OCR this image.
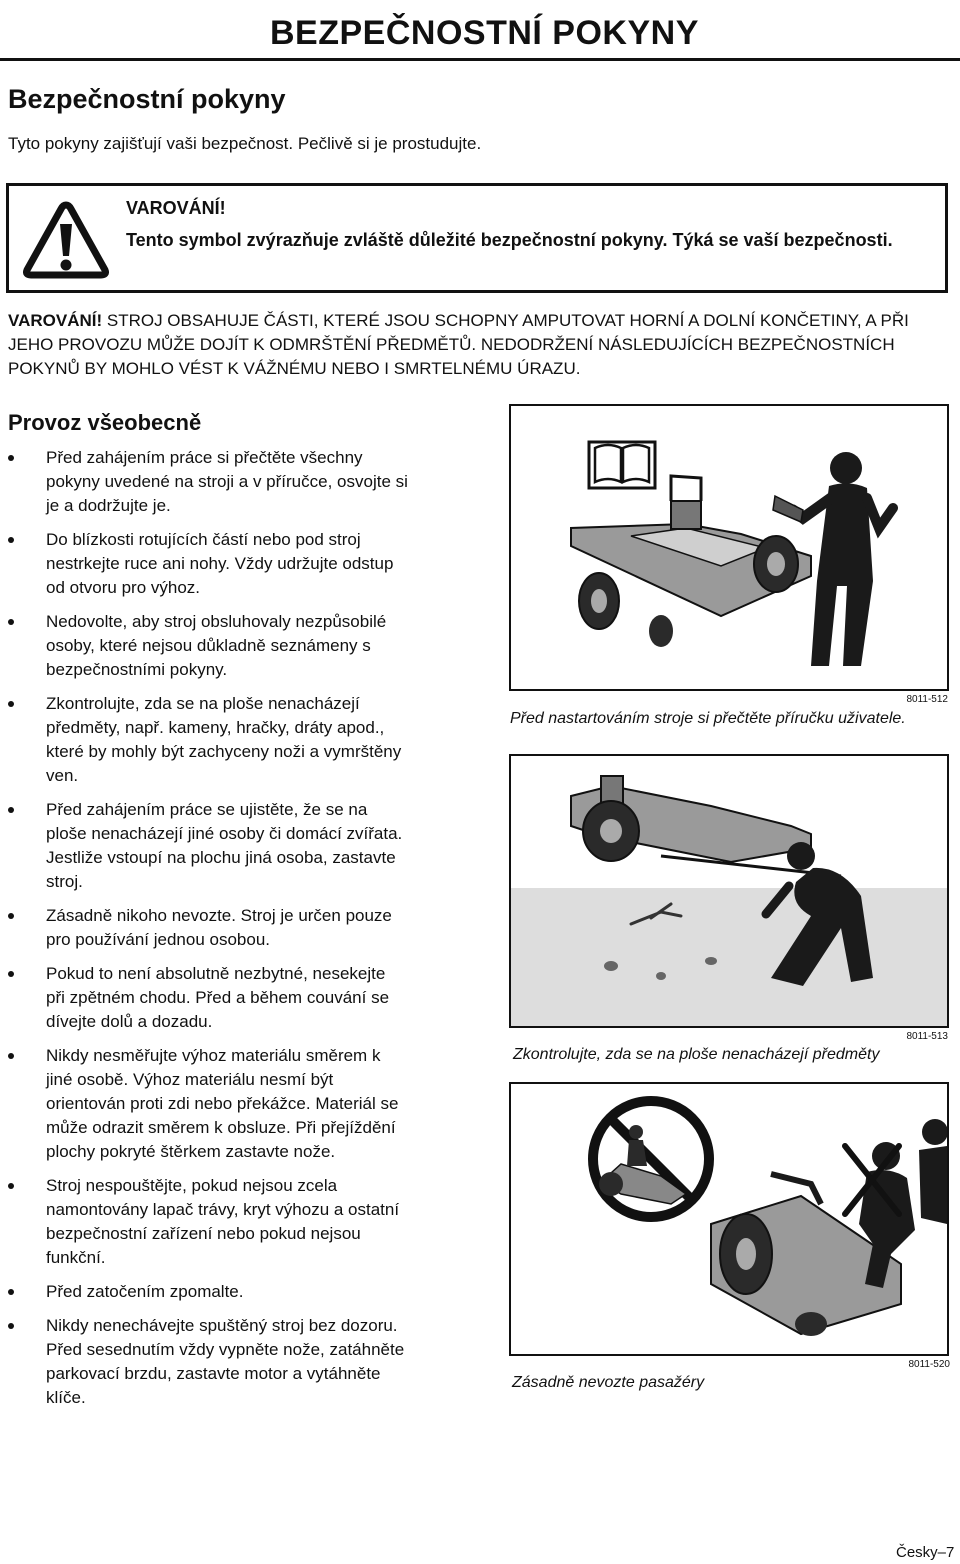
BEZPEČNOSTNÍ POKYNY
Bezpečnostní pokyny
Tyto pokyny zajišťují vaši bezpečnost. Pečlivě si je prostudujte.
VAROVÁNÍ!
Tento symbol zvýrazňuje zvláště důležité bezpečnostní pokyny. Týká se vaší bezpečnosti.
VAROVÁNÍ! STROJ OBSAHUJE ČÁSTI, KTERÉ JSOU SCHOPNY AMPUTOVAT HORNÍ A DOLNÍ KONČETINY, A PŘI JEHO PROVOZU MŮŽE DOJÍT K ODMRŠTĚNÍ PŘEDMĚTŮ. NEDODRŽENÍ NÁSLEDUJÍCÍCH BEZPEČNOSTNÍCH POKYNŮ BY MOHLO VÉST K VÁŽNÉMU NEBO I SMRTELNÉMU ÚRAZU.
Provoz všeobecně
Před zahájením práce si přečtěte všechny pokyny uvedené na stroji a v příručce, osvojte si je a dodržujte je.
Do blízkosti rotujících částí nebo pod stroj nestrkejte ruce ani nohy. Vždy udržujte odstup od otvoru pro výhoz.
Nedovolte, aby stroj obsluhovaly nezpůsobilé osoby, které nejsou důkladně seznámeny s bezpečnostními pokyny.
Zkontrolujte, zda se na ploše nenacházejí předměty, např. kameny, hračky, dráty apod., které by mohly být zachyceny noži a vymrštěny ven.
Před zahájením práce se ujistěte, že se na ploše nenacházejí jiné osoby či domácí zvířata. Jestliže vstoupí na plochu jiná osoba, zastavte stroj.
Zásadně nikoho nevozte. Stroj je určen pouze pro používání jednou osobou.
Pokud to není absolutně nezbytné, nesekejte při zpětném chodu. Před a během couvání se dívejte dolů a dozadu.
Nikdy nesměřujte výhoz materiálu směrem k jiné osobě. Výhoz materiálu nesmí být orientován proti zdi nebo překážce. Materiál se může odrazit směrem k obsluze. Při přejíždění plochy pokryté štěrkem zastavte nože.
Stroj nespouštějte, pokud nejsou zcela namontovány lapač trávy, kryt výhozu a ostatní bezpečnostní zařízení nebo pokud nejsou funkční.
Před zatočením zpomalte.
Nikdy nenechávejte spuštěný stroj bez dozoru. Před sesednutím vždy vypněte nože, zatáhněte parkovací brzdu, zastavte motor a vytáhněte klíče.
8011-512
Před nastartováním stroje si přečtěte příručku uživatele.
8011-513
Zkontrolujte, zda se na ploše nenacházejí předměty
8011-520
Zásadně nevozte pasažéry
Česky–7
